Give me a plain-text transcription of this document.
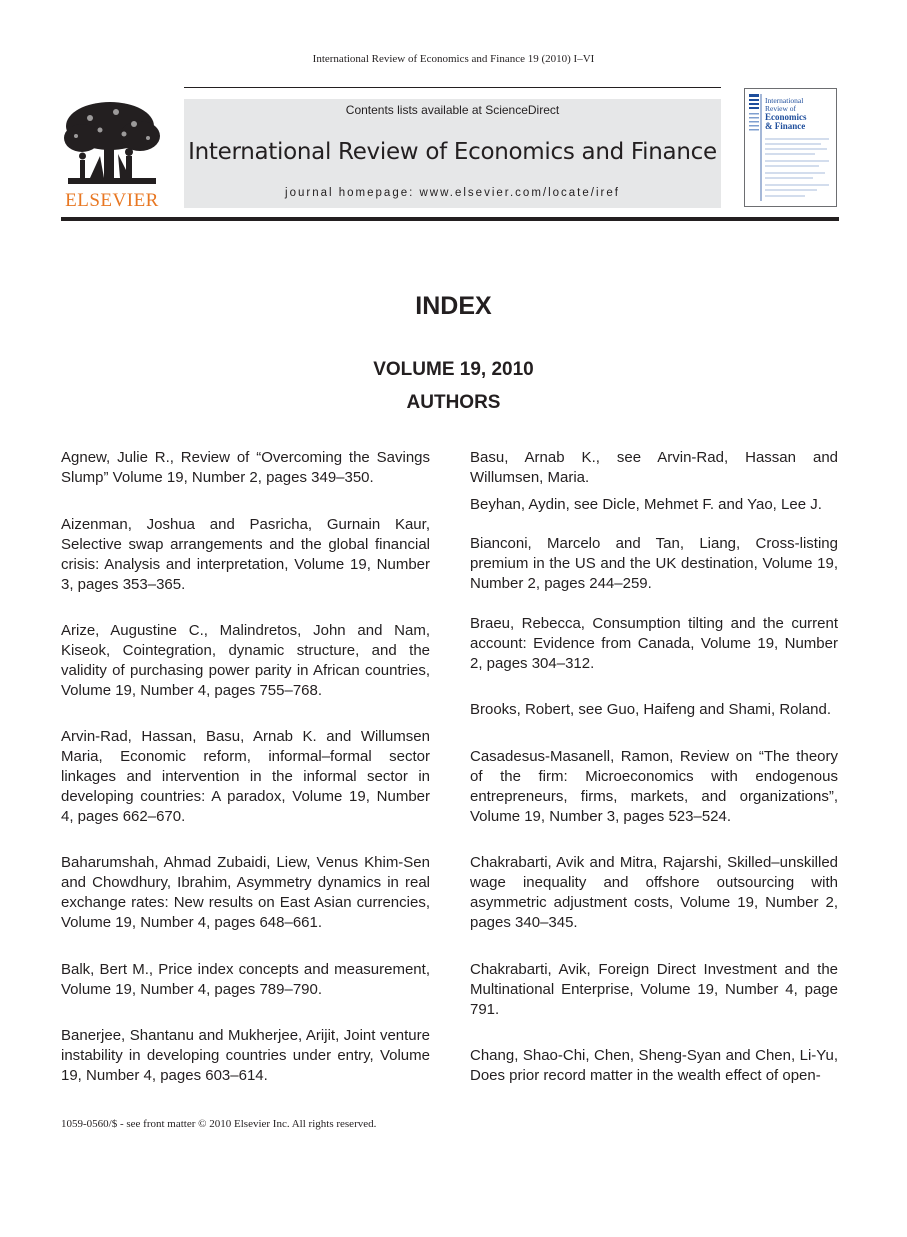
International Review of Economics and Finance 19 (2010) I–VI
ELSEVIER
Contents lists available at ScienceDirect
International Review of Economics and Finance
journal homepage: www.elsevier.com/locate/iref
International
Review of
Economics
& Finance
INDEX
VOLUME 19, 2010
AUTHORS
Agnew, Julie R., Review of “Overcoming the Savings Slump” Volume 19, Number 2, pages 349–350.
Aizenman, Joshua and Pasricha, Gurnain Kaur, Selective swap arrangements and the global financial crisis: Analysis and interpretation, Volume 19, Number 3, pages 353–365.
Arize, Augustine C., Malindretos, John and Nam, Kiseok, Cointegration, dynamic structure, and the validity of purchasing power parity in African countries, Volume 19, Number 4, pages 755–768.
Arvin-Rad, Hassan, Basu, Arnab K. and Willumsen Maria, Economic reform, informal–formal sector linkages and intervention in the informal sector in developing countries: A paradox, Volume 19, Number 4, pages 662–670.
Baharumshah, Ahmad Zubaidi, Liew, Venus Khim-Sen and Chowdhury, Ibrahim, Asymmetry dynamics in real exchange rates: New results on East Asian currencies, Volume 19, Number 4, pages 648–661.
Balk, Bert M., Price index concepts and measurement, Volume 19, Number 4, pages 789–790.
Banerjee, Shantanu and Mukherjee, Arijit, Joint venture instability in developing countries under entry, Volume 19, Number 4, pages 603–614.
Basu, Arnab K., see Arvin-Rad, Hassan and Willumsen, Maria.
Beyhan, Aydin, see Dicle, Mehmet F. and Yao, Lee J.
Bianconi, Marcelo and Tan, Liang, Cross-listing premium in the US and the UK destination, Volume 19, Number 2, pages 244–259.
Braeu, Rebecca, Consumption tilting and the current account: Evidence from Canada, Volume 19, Number 2, pages 304–312.
Brooks, Robert, see Guo, Haifeng and Shami, Roland.
Casadesus-Masanell, Ramon, Review on “The theory of the firm: Microeconomics with endogenous entrepreneurs, firms, markets, and organizations”, Volume 19, Number 3, pages 523–524.
Chakrabarti, Avik and Mitra, Rajarshi, Skilled–unskilled wage inequality and offshore outsourcing with asymmetric adjustment costs, Volume 19, Number 2, pages 340–345.
Chakrabarti, Avik, Foreign Direct Investment and the Multinational Enterprise, Volume 19, Number 4, page 791.
Chang, Shao-Chi, Chen, Sheng-Syan and Chen, Li-Yu, Does prior record matter in the wealth effect of open-
1059-0560/$ - see front matter © 2010 Elsevier Inc. All rights reserved.
